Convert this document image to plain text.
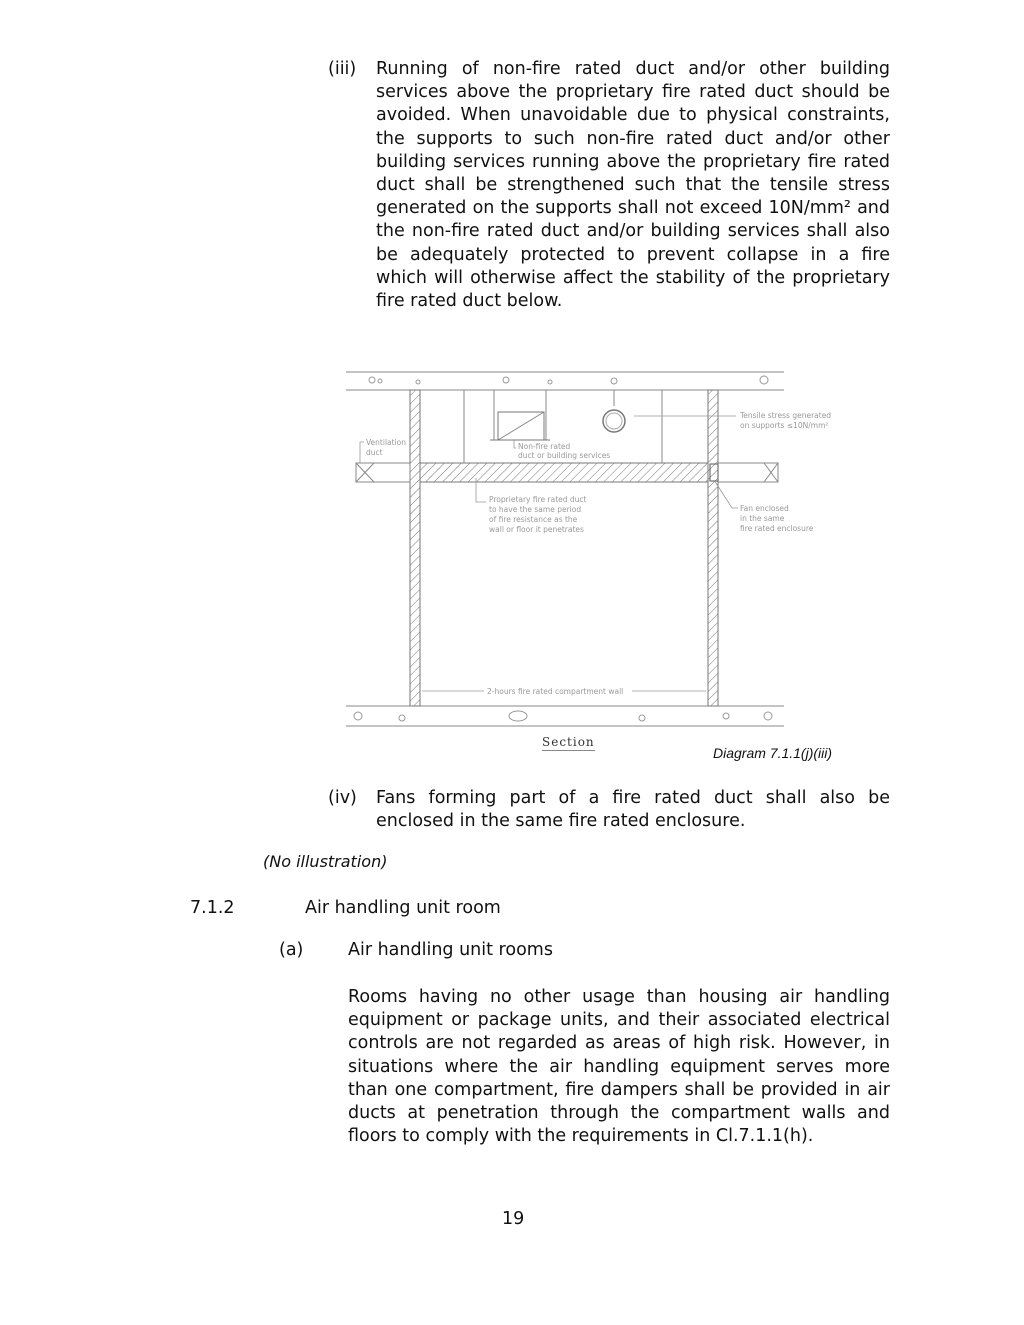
(iii) Running of non-fire rated duct and/or other building services above the proprietary fire rated duct should be avoided. When unavoidable due to physical constraints, the supports to such non-fire rated duct and/or other building services running above the proprietary fire rated duct shall be strengthened such that the tensile stress generated on the supports shall not exceed 10N/mm² and the non-fire rated duct and/or building services shall also be adequately protected to prevent collapse in a fire which will otherwise affect the stability of the proprietary fire rated duct below.
Tensile stress generated
on supports ≤10N/mm²
Ventilation
duct
Non-fire rated
duct or building services
Proprietary fire rated duct
to have the same period
of fire resistance as the
wall or floor it penetrates
Fan enclosed
in the same
fire rated enclosure
2-hours fire rated compartment wall
Section
Diagram 7.1.1(j)(iii)
(iv) Fans forming part of a fire rated duct shall also be enclosed in the same fire rated enclosure.
(No illustration)
7.1.2	Air handling unit room
(a)	Air handling unit rooms
Rooms having no other usage than housing air handling equipment or package units, and their associated electrical controls are not regarded as areas of high risk. However, in situations where the air handling equipment serves more than one compartment, fire dampers shall be provided in air ducts at penetration through the compartment walls and floors to comply with the requirements in Cl.7.1.1(h).
19
